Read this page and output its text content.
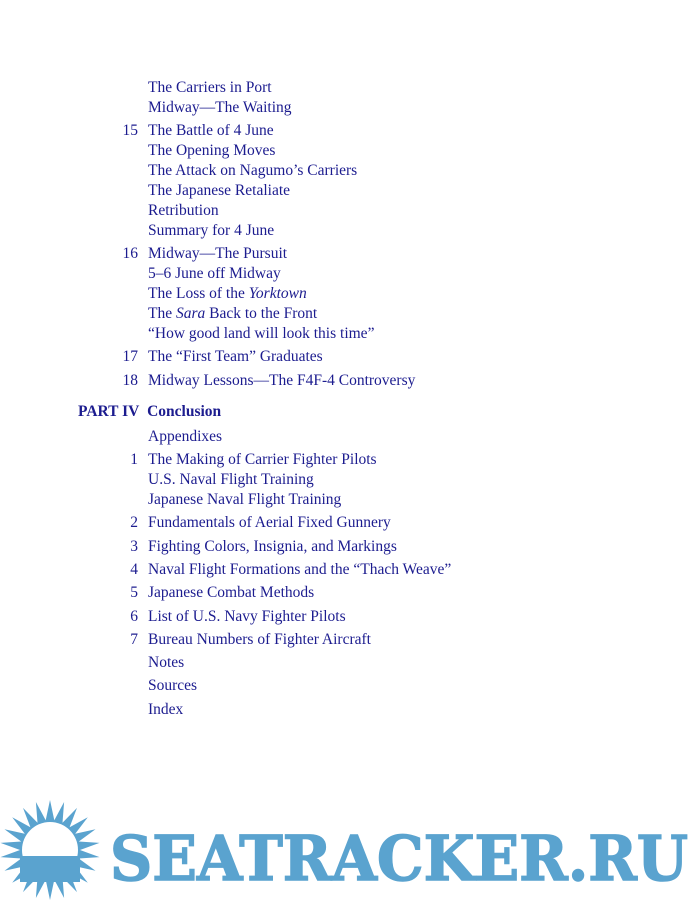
The Carriers in Port
Midway—The Waiting
15 The Battle of 4 June
The Opening Moves
The Attack on Nagumo’s Carriers
The Japanese Retaliate
Retribution
Summary for 4 June
16 Midway—The Pursuit
5–6 June off Midway
The Loss of the Yorktown
The Sara Back to the Front
“How good land will look this time”
17 The “First Team” Graduates
18 Midway Lessons—The F4F-4 Controversy
PART IV Conclusion
Appendixes
1 The Making of Carrier Fighter Pilots
U.S. Naval Flight Training
Japanese Naval Flight Training
2 Fundamentals of Aerial Fixed Gunnery
3 Fighting Colors, Insignia, and Markings
4 Naval Flight Formations and the “Thach Weave”
5 Japanese Combat Methods
6 List of U.S. Navy Fighter Pilots
7 Bureau Numbers of Fighter Aircraft
Notes
Sources
Index
SEATRACKER.RU
